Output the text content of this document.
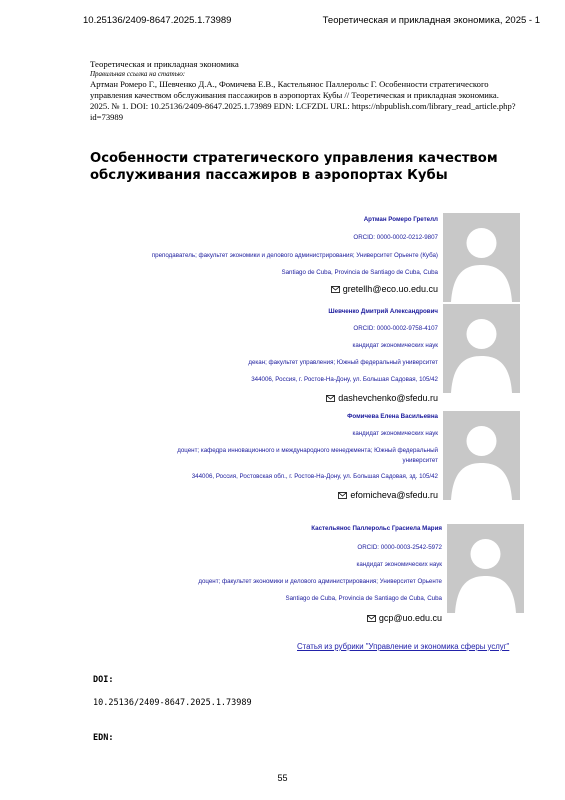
10.25136/2409-8647.2025.1.73989	Теоретическая и прикладная экономика, 2025 - 1
Теоретическая и прикладная экономика
Правильная ссылка на статью:
Артман Ромеро Г., Шевченко Д.А., Фомичева Е.В., Кастельянос Паллерольс Г. Особенности стратегического
управления качеством обслуживания пассажиров в аэропортах Кубы // Теоретическая и прикладная экономика.
2025. № 1. DOI: 10.25136/2409-8647.2025.1.73989 EDN: LCFZDL URL: https://nbpublish.com/library_read_article.php?
id=73989
Особенности стратегического управления качеством
обслуживания пассажиров в аэропортах Кубы
Артман Ромеро Гретелл
ORCID: 0000-0002-0212-9807
преподаватель; факультет экономики и делового администрирования; Университет Орьенте (Куба)
Santiago de Cuba, Provincia de Santiago de Cuba, Cuba
gretellh@eco.uo.edu.cu
Шевченко Дмитрий Александрович
ORCID: 0000-0002-9758-4107
кандидат экономических наук
декан; факультет управления; Южный федеральный университет
344006, Россия, г. Ростов-На-Дону, ул. Большая Садовая, 105/42
dashevchenko@sfedu.ru
Фомичева Елена Васильевна
кандидат экономических наук
доцент; кафедра инновационного и международного менеджмента; Южный федеральный
университет
344006, Россия, Ростовская обл., г. Ростов-На-Дону, ул. Большая Садовая, зд. 105/42
efomicheva@sfedu.ru
Кастельянос Паллерольс Грасиела Мария
ORCID: 0000-0003-2542-5972
кандидат экономических наук
доцент; факультет экономики и делового администрирования; Университет Орьенте
Santiago de Cuba, Provincia de Santiago de Cuba, Cuba
gcp@uo.edu.cu
Статья из рубрики "Управление и экономика сферы услуг"
DOI:
10.25136/2409-8647.2025.1.73989
EDN:
55
